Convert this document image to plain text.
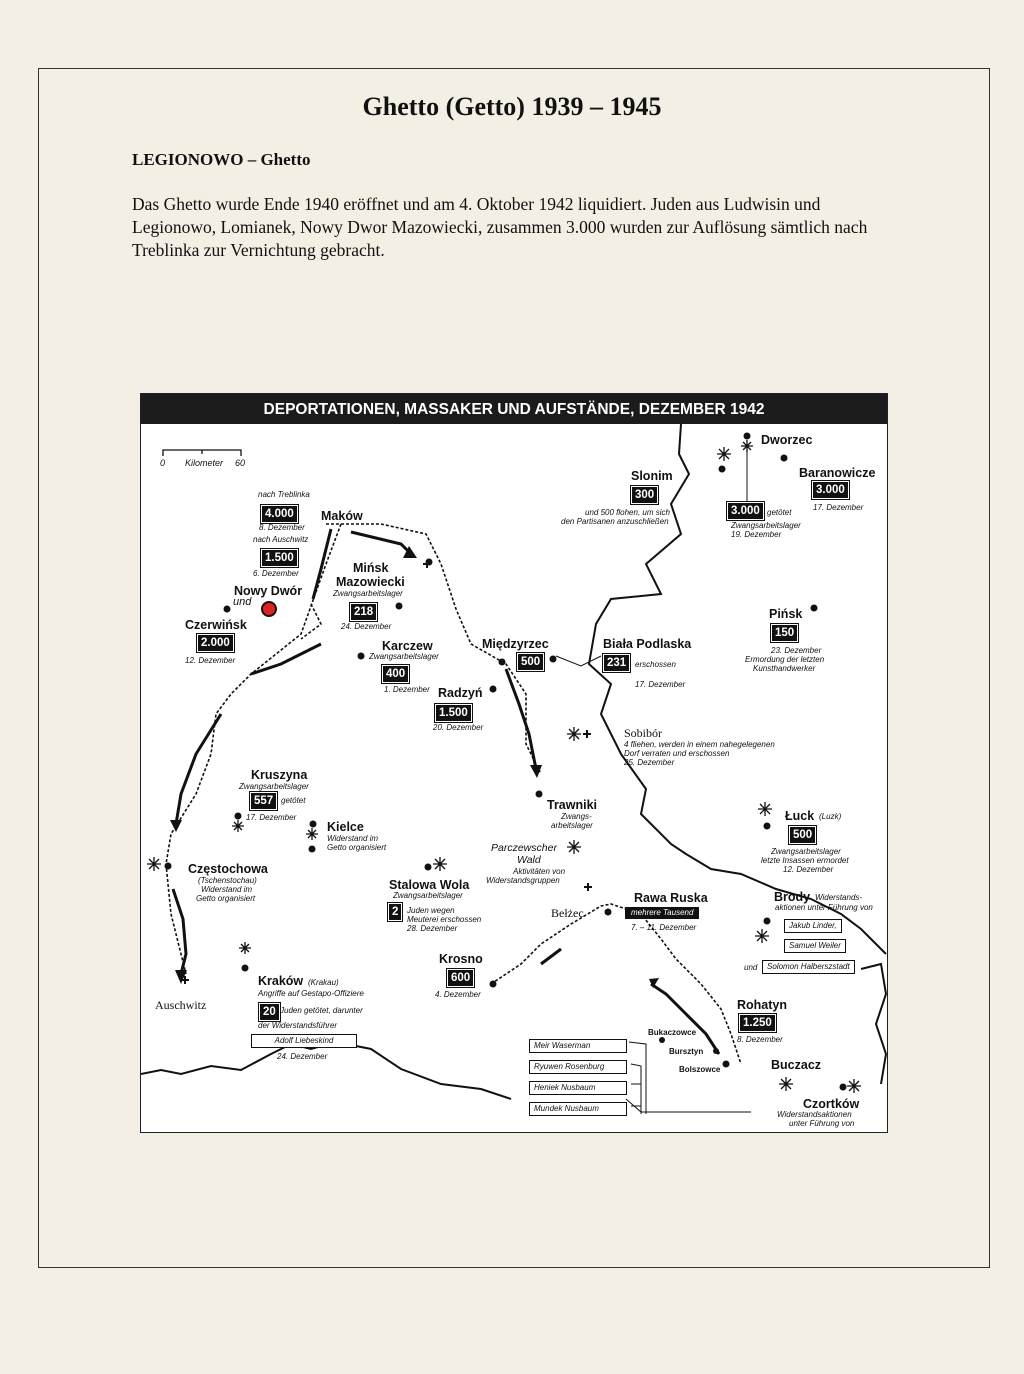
Ghetto (Getto) 1939 – 1945
LEGIONOWO – Ghetto
Das Ghetto wurde Ende 1940 eröffnet und am 4. Oktober 1942 liquidiert. Juden aus Ludwisin und Legionowo, Lomianek, Nowy Dwor Mazowiecki, zusammen 3.000 wurden zur Auflösung sämtlich nach Treblinka zur Vernichtung gebracht.
DEPORTATIONEN, MASSAKER UND AUFSTÄNDE, DEZEMBER 1942
0 Kilometer 60
nach Treblinka
4.000
8. Dezember
nach Auschwitz
1.500
6. Dezember
Maków
Mińsk
Mazowiecki
Zwangsarbeitslager
218
24. Dezember
Nowy Dwór
und
Czerwińsk
2.000
12. Dezember
Karczew
Zwangsarbeitslager
400
1. Dezember
Międzyrzec
500
Radzyń
1.500
20. Dezember
Biała Podlaska
231	erschossen
17. Dezember
Slonim
300
und 500 flohen, um sich
den Partisanen anzuschließen
Dworzec
Baranowicze
3.000
17. Dezember
3.000 getötet
Zwangsarbeitslager
19. Dezember
Pińsk
150
23. Dezember
Ermordung der letzten
Kunsthandwerker
Sobibór
4 fliehen, werden in einem nahegelegenen
Dorf verraten und erschossen
25. Dezember
Kruszyna
Zwangsarbeitslager
557 getötet
17. Dezember
Kielce
Widerstand im
Getto organisiert
Trawniki
Zwangs-
arbeitslager
Łuck (Luzk)
500
Zwangsarbeitslager
letzte Insassen ermordet
12. Dezember
Częstochowa
(Tschenstochau)
Widerstand im
Getto organisiert
Parczewscher
Wald
Aktivitäten von
Widerstandsgruppen
Stalowa Wola
Zwangsarbeitslager
2	Juden wegen
Meuterei erschossen
28. Dezember
Rawa Ruska
mehrere Tausend
7. – 11. Dezember
Bełżec
Brody Widerstands-
aktionen unter Führung von
Jakub Linder,
Samuel Weiler
und	Solomon Halberszstadt
Krosno
600
4. Dezember
Auschwitz
Kraków (Krakau)
Angriffe auf Gestapo-Offiziere
20 Juden getötet, darunter
der Widerstandsführer
Adolf Liebeskind
24. Dezember
Rohatyn
1.250
8. Dezember
Bukaczowce
Bursztyn
Bolszowce	Buczacz
Czortków
Widerstandsaktionen
unter Führung von
Meir Waserman
Ryuwen Rosenburg
Heniek Nusbaum
Mundek Nusbaum
